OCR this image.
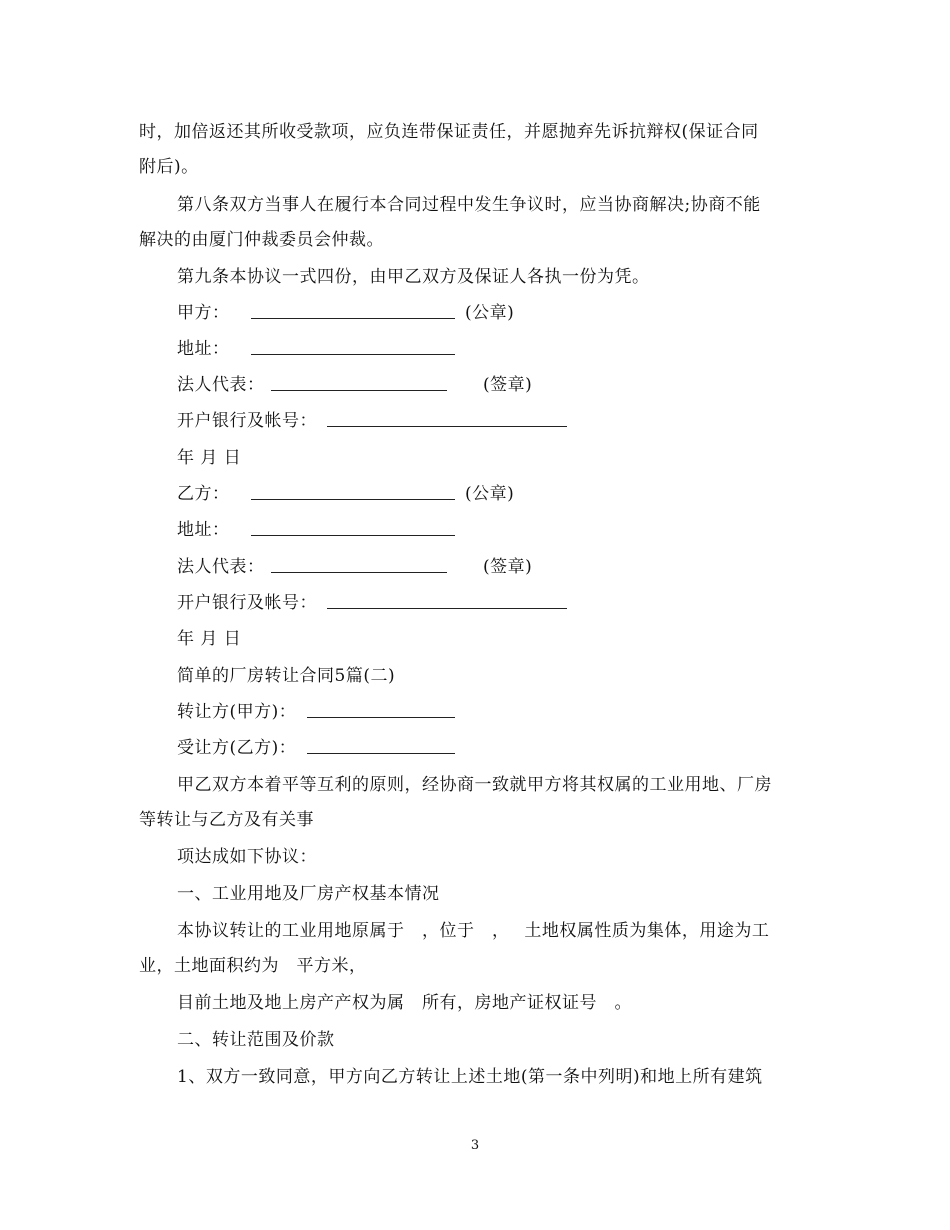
时，加倍返还其所收受款项，应负连带保证责任，并愿抛弃先诉抗辩权(保证合同
附后)。
第八条双方当事人在履行本合同过程中发生争议时，应当协商解决;协商不能
解决的由厦门仲裁委员会仲裁。
第九条本协议一式四份，由甲乙双方及保证人各执一份为凭。
甲方：	(公章)
地址：
法人代表：	(签章)
开户银行及帐号：
年 月 日
乙方：	(公章)
地址：
法人代表：	(签章)
开户银行及帐号：
年 月 日
简单的厂房转让合同5篇(二)
转让方(甲方)：
受让方(乙方)：
甲乙双方本着平等互利的原则，经协商一致就甲方将其权属的工业用地、厂房
等转让与乙方及有关事
项达成如下协议：
一、工业用地及厂房产权基本情况
本协议转让的工业用地原属于　，位于　，　 土地权属性质为集体，用途为工
业，土地面积约为　平方米，
目前土地及地上房产产权为属　所有，房地产证权证号　。
二、转让范围及价款
1、双方一致同意，甲方向乙方转让上述土地(第一条中列明)和地上所有建筑
3
